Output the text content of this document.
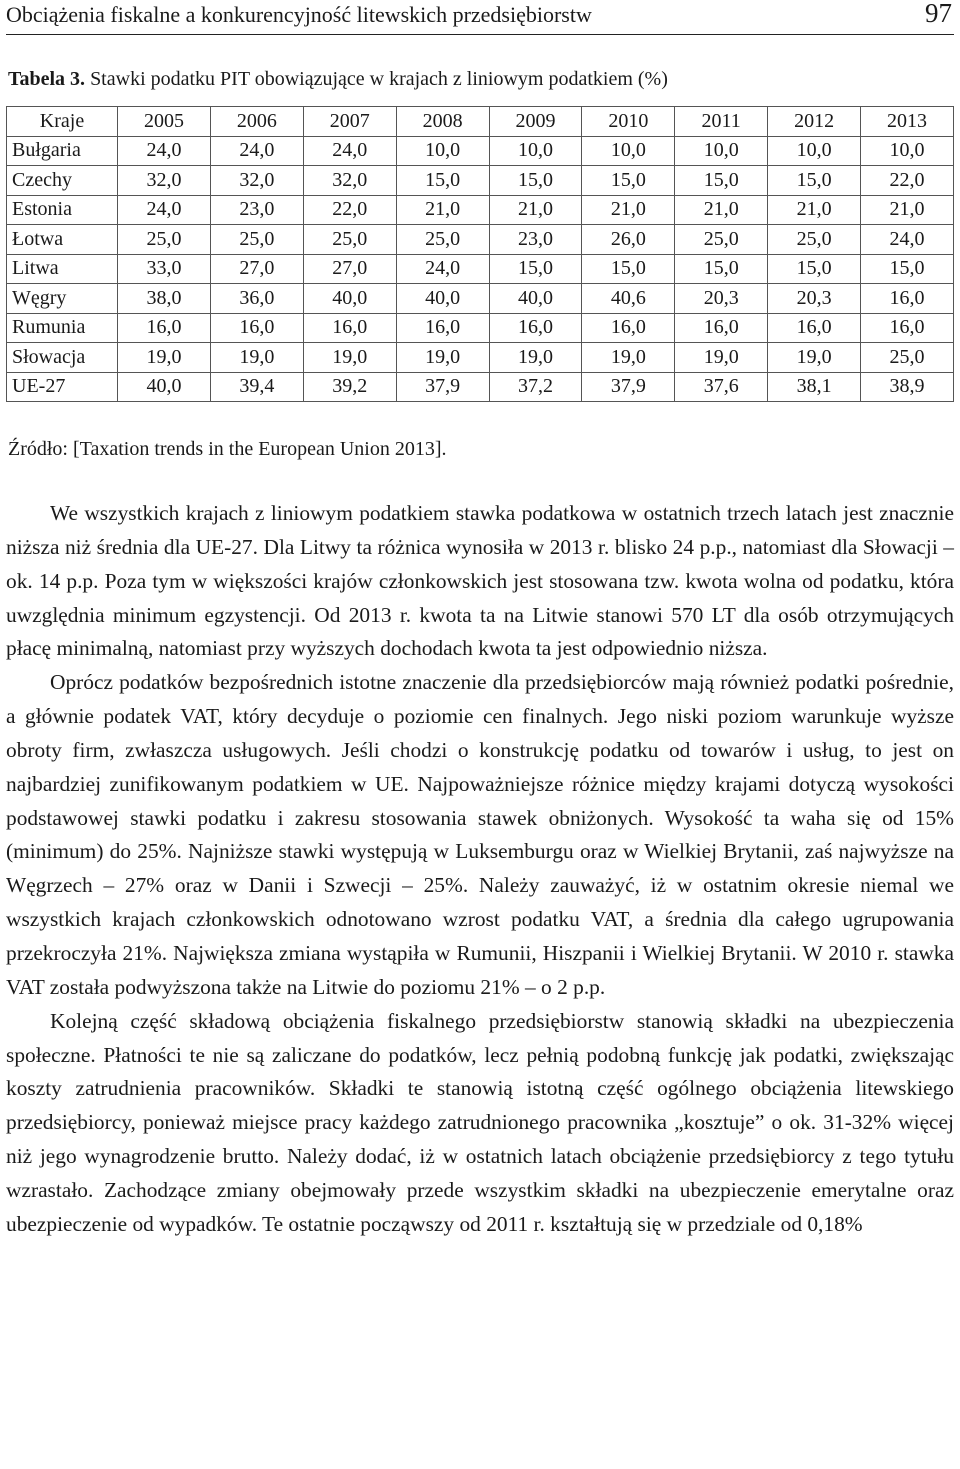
Obciążenia fiskalne a konkurencyjność litewskich przedsiębiorstw	97
Tabela 3. Stawki podatku PIT obowiązujące w krajach z liniowym podatkiem (%)
Kraje	2005	2006	2007	2008	2009	2010	2011	2012	2013
Bułgaria	24,0	24,0	24,0	10,0	10,0	10,0	10,0	10,0	10,0
Czechy	32,0	32,0	32,0	15,0	15,0	15,0	15,0	15,0	22,0
Estonia	24,0	23,0	22,0	21,0	21,0	21,0	21,0	21,0	21,0
Łotwa	25,0	25,0	25,0	25,0	23,0	26,0	25,0	25,0	24,0
Litwa	33,0	27,0	27,0	24,0	15,0	15,0	15,0	15,0	15,0
Węgry	38,0	36,0	40,0	40,0	40,0	40,6	20,3	20,3	16,0
Rumunia	16,0	16,0	16,0	16,0	16,0	16,0	16,0	16,0	16,0
Słowacja	19,0	19,0	19,0	19,0	19,0	19,0	19,0	19,0	25,0
UE-27	40,0	39,4	39,2	37,9	37,2	37,9	37,6	38,1	38,9
Źródło: [Taxation trends in the European Union 2013].

We wszystkich krajach z liniowym podatkiem stawka podatkowa w ostatnich trzech latach jest znacznie niższa niż średnia dla UE-27. Dla Litwy ta różnica wynosiła w 2013 r. blisko 24 p.p., natomiast dla Słowacji – ok. 14 p.p. Poza tym w większości krajów członkowskich jest stosowana tzw. kwota wolna od podatku, która uwzględnia minimum egzystencji. Od 2013 r. kwota ta na Litwie stanowi 570 LT dla osób otrzymujących płacę minimalną, natomiast przy wyższych dochodach kwota ta jest odpowiednio niższa.

Oprócz podatków bezpośrednich istotne znaczenie dla przedsiębiorców mają również podatki pośrednie, a głównie podatek VAT, który decyduje o poziomie cen finalnych. Jego niski poziom warunkuje wyższe obroty firm, zwłaszcza usługowych. Jeśli chodzi o konstrukcję podatku od towarów i usług, to jest on najbardziej zunifikowanym podatkiem w UE. Najpoważniejsze różnice między krajami dotyczą wysokości podstawowej stawki podatku i zakresu stosowania stawek obniżonych. Wysokość ta waha się od 15% (minimum) do 25%. Najniższe stawki występują w Luksemburgu oraz w Wielkiej Brytanii, zaś najwyższe na Węgrzech – 27% oraz w Danii i Szwecji – 25%. Należy zauważyć, iż w ostatnim okresie niemal we wszystkich krajach członkowskich odnotowano wzrost podatku VAT, a średnia dla całego ugrupowania przekroczyła 21%. Największa zmiana wystąpiła w Rumunii, Hiszpanii i Wielkiej Brytanii. W 2010 r. stawka VAT została podwyższona także na Litwie do poziomu 21% – o 2 p.p.

Kolejną część składową obciążenia fiskalnego przedsiębiorstw stanowią składki na ubezpieczenia społeczne. Płatności te nie są zaliczane do podatków, lecz pełnią podobną funkcję jak podatki, zwiększając koszty zatrudnienia pracowników. Składki te stanowią istotną część ogólnego obciążenia litewskiego przedsiębiorcy, ponieważ miejsce pracy każdego zatrudnionego pracownika „kosztuje” o ok. 31-32% więcej niż jego wynagrodzenie brutto. Należy dodać, iż w ostatnich latach obciążenie przedsiębiorcy z tego tytułu wzrastało. Zachodzące zmiany obejmowały przede wszystkim składki na ubezpieczenie emerytalne oraz ubezpieczenie od wypadków. Te ostatnie począwszy od 2011 r. kształtują się w przedziale od 0,18%
